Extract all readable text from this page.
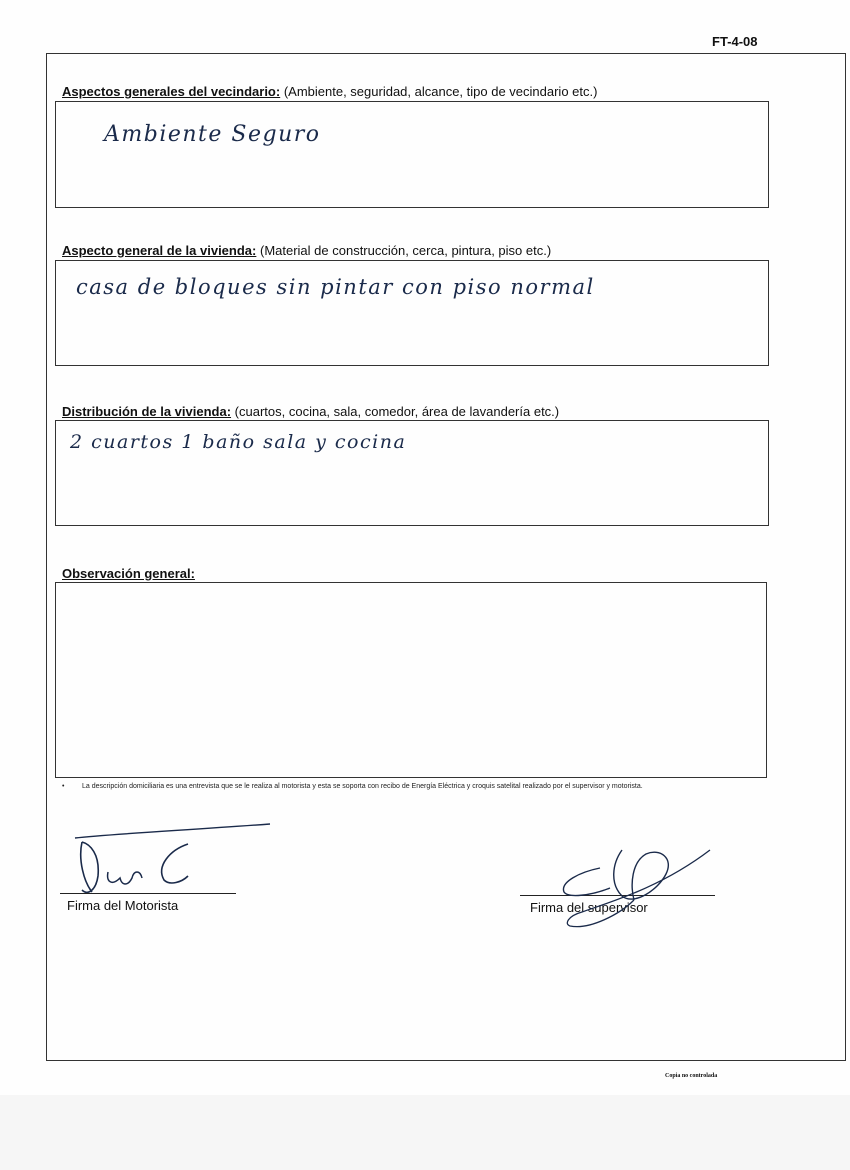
FT-4-08
Aspectos generales del vecindario: (Ambiente, seguridad, alcance, tipo de vecindario etc.)
Ambiente Seguro
Aspecto general de la vivienda: (Material de construcción, cerca, pintura, piso etc.)
casa de bloques sin pintar con piso normal
Distribución de la vivienda: (cuartos, cocina, sala, comedor, área de lavandería etc.)
2 cuartos 1 baño sala y cocina
Observación general:
•	La descripción domiciliaria es una entrevista que se le realiza al motorista y esta se soporta con recibo de Energía Eléctrica y croquis satelital realizado por el supervisor y motorista.
Firma del Motorista	Firma del supervisor
Copia no controlada
